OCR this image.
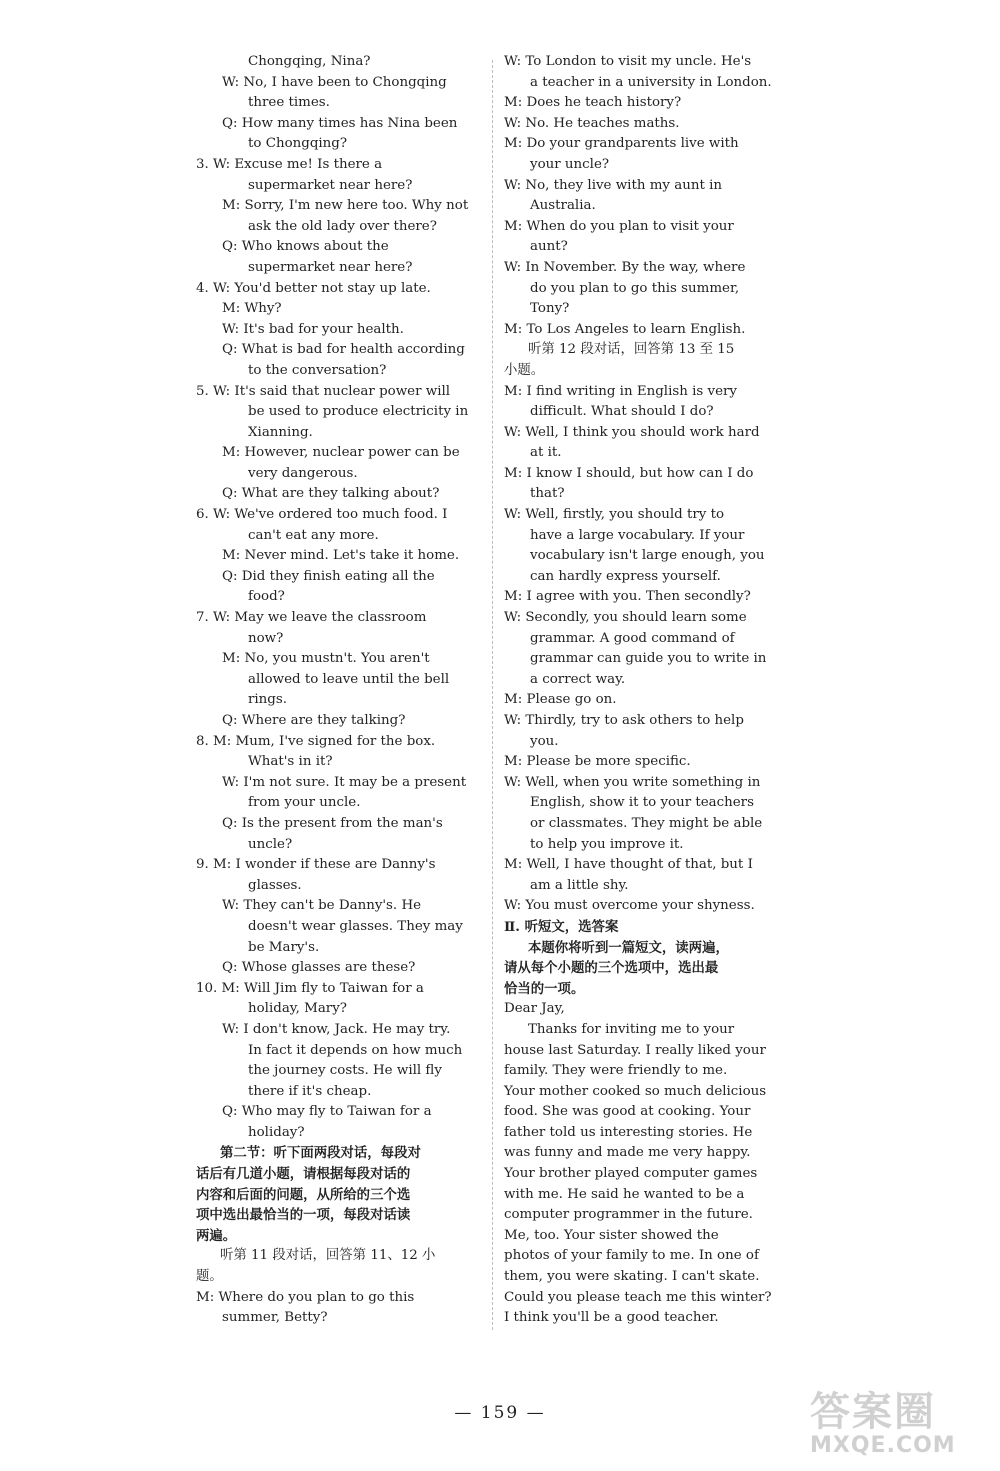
Chongqing, Nina?
W: No, I have been to Chongqing
three times.
Q: How many times has Nina been
to Chongqing?
3. W: Excuse me! Is there a
supermarket near here?
M: Sorry, I'm new here too. Why not
ask the old lady over there?
Q: Who knows about the
supermarket near here?
4. W: You'd better not stay up late.
M: Why?
W: It's bad for your health.
Q: What is bad for health according
to the conversation?
5. W: It's said that nuclear power will
be used to produce electricity in
Xianning.
M: However, nuclear power can be
very dangerous.
Q: What are they talking about?
6. W: We've ordered too much food. I
can't eat any more.
M: Never mind. Let's take it home.
Q: Did they finish eating all the
food?
7. W: May we leave the classroom
now?
M: No, you mustn't. You aren't
allowed to leave until the bell
rings.
Q: Where are they talking?
8. M: Mum, I've signed for the box.
What's in it?
W: I'm not sure. It may be a present
from your uncle.
Q: Is the present from the man's
uncle?
9. M: I wonder if these are Danny's
glasses.
W: They can't be Danny's. He
doesn't wear glasses. They may
be Mary's.
Q: Whose glasses are these?
10. M: Will Jim fly to Taiwan for a
holiday, Mary?
W: I don't know, Jack. He may try.
In fact it depends on how much
the journey costs. He will fly
there if it's cheap.
Q: Who may fly to Taiwan for a
holiday?
第二节：听下面两段对话，每段对
话后有几道小题，请根据每段对话的
内容和后面的问题，从所给的三个选
项中选出最恰当的一项，每段对话读
两遍。
听第 11 段对话，回答第 11、12 小
题。
M: Where do you plan to go this
summer, Betty?
W: To London to visit my uncle. He's
a teacher in a university in London.
M: Does he teach history?
W: No. He teaches maths.
M: Do your grandparents live with
your uncle?
W: No, they live with my aunt in
Australia.
M: When do you plan to visit your
aunt?
W: In November. By the way, where
do you plan to go this summer,
Tony?
M: To Los Angeles to learn English.
听第 12 段对话，回答第 13 至 15
小题。
M: I find writing in English is very
difficult. What should I do?
W: Well, I think you should work hard
at it.
M: I know I should, but how can I do
that?
W: Well, firstly, you should try to
have a large vocabulary. If your
vocabulary isn't large enough, you
can hardly express yourself.
M: I agree with you. Then secondly?
W: Secondly, you should learn some
grammar. A good command of
grammar can guide you to write in
a correct way.
M: Please go on.
W: Thirdly, try to ask others to help
you.
M: Please be more specific.
W: Well, when you write something in
English, show it to your teachers
or classmates. They might be able
to help you improve it.
M: Well, I have thought of that, but I
am a little shy.
W: You must overcome your shyness.
Ⅱ. 听短文，选答案
本题你将听到一篇短文，读两遍，
请从每个小题的三个选项中，选出最
恰当的一项。
Dear Jay,
Thanks for inviting me to your
house last Saturday. I really liked your
family. They were friendly to me.
Your mother cooked so much delicious
food. She was good at cooking. Your
father told us interesting stories. He
was funny and made me very happy.
Your brother played computer games
with me. He said he wanted to be a
computer programmer in the future.
Me, too. Your sister showed the
photos of your family to me. In one of
them, you were skating. I can't skate.
Could you please teach me this winter?
I think you'll be a good teacher.
— 159 —	答案圈
MXQE.COM
